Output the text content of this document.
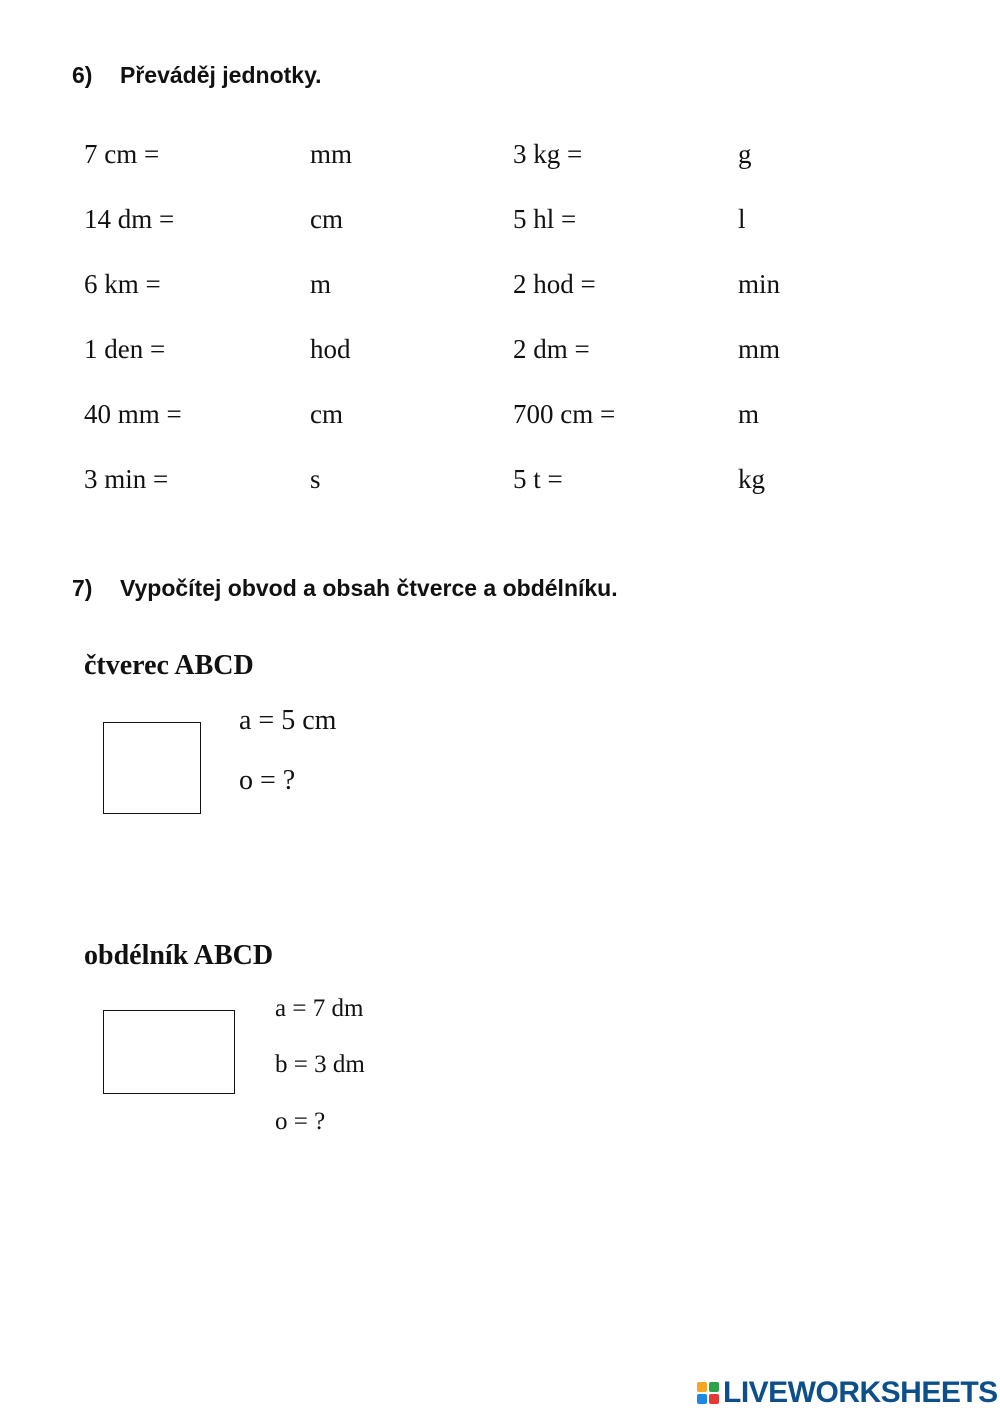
6) Převáděj jednotky.
7 cm =	mm	3 kg =	g
14 dm =	cm	5 hl =	l
6 km =	m	2 hod =	min
1 den =	hod	2 dm =	mm
40 mm =	cm	700 cm =	m
3 min =	s	5 t =	kg
7) Vypočítej obvod a obsah čtverce a obdélníku.
čtverec ABCD
a = 5 cm
o = ?
obdélník ABCD
a = 7 dm
b = 3 dm
o = ?
LIVEWORKSHEETS
